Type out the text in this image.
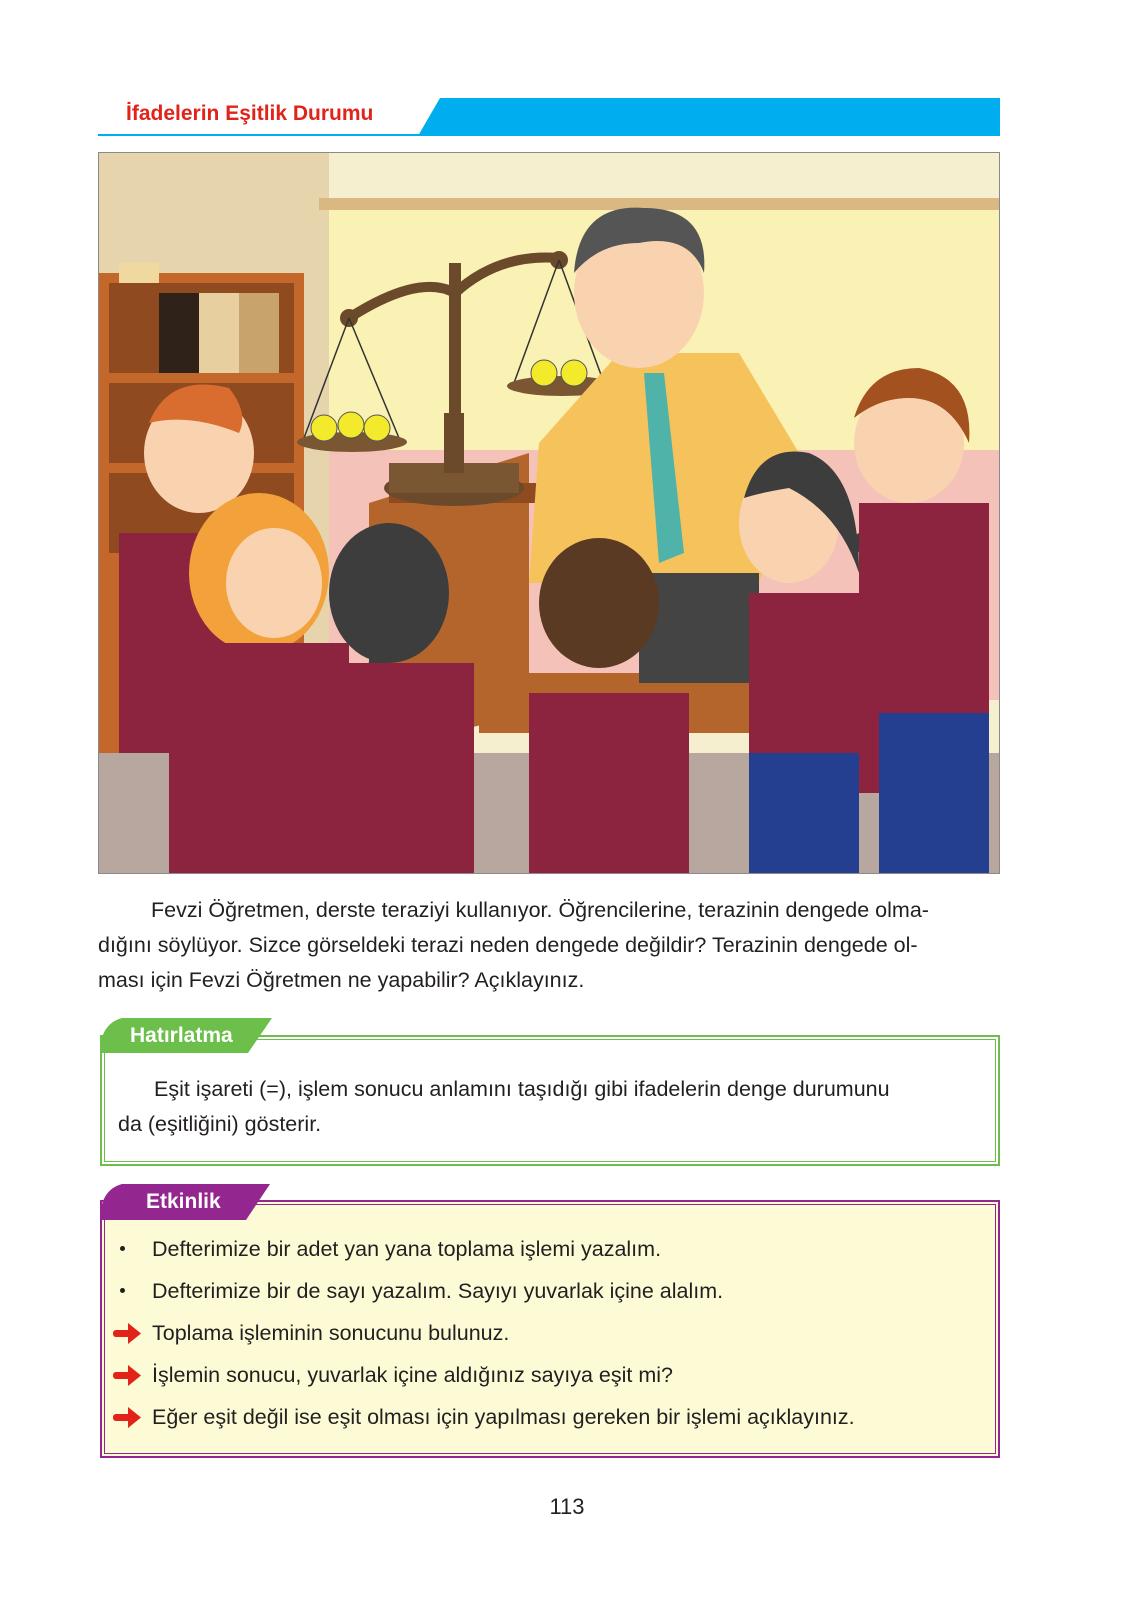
İfadelerin Eşitlik Durumu

Fevzi Öğretmen, derste teraziyi kullanıyor. Öğrencilerine, terazinin dengede olma-

dığını söylüyor. Sizce görseldeki terazi neden dengede değildir? Terazinin dengede ol-

ması için Fevzi Öğretmen ne yapabilir? Açıklayınız.

Hatırlatma

Eşit işareti (=), işlem sonucu anlamını taşıdığı gibi ifadelerin denge durumunu

da (eşitliğini) gösterir.

Etkinlik
Defterimize bir adet yan yana toplama işlemi yazalım.
Defterimize bir de sayı yazalım. Sayıyı yuvarlak içine alalım.
Toplama işleminin sonucunu bulunuz.
İşlemin sonucu, yuvarlak içine aldığınız sayıya eşit mi?
Eğer eşit değil ise eşit olması için yapılması gereken bir işlemi açıklayınız.
113
